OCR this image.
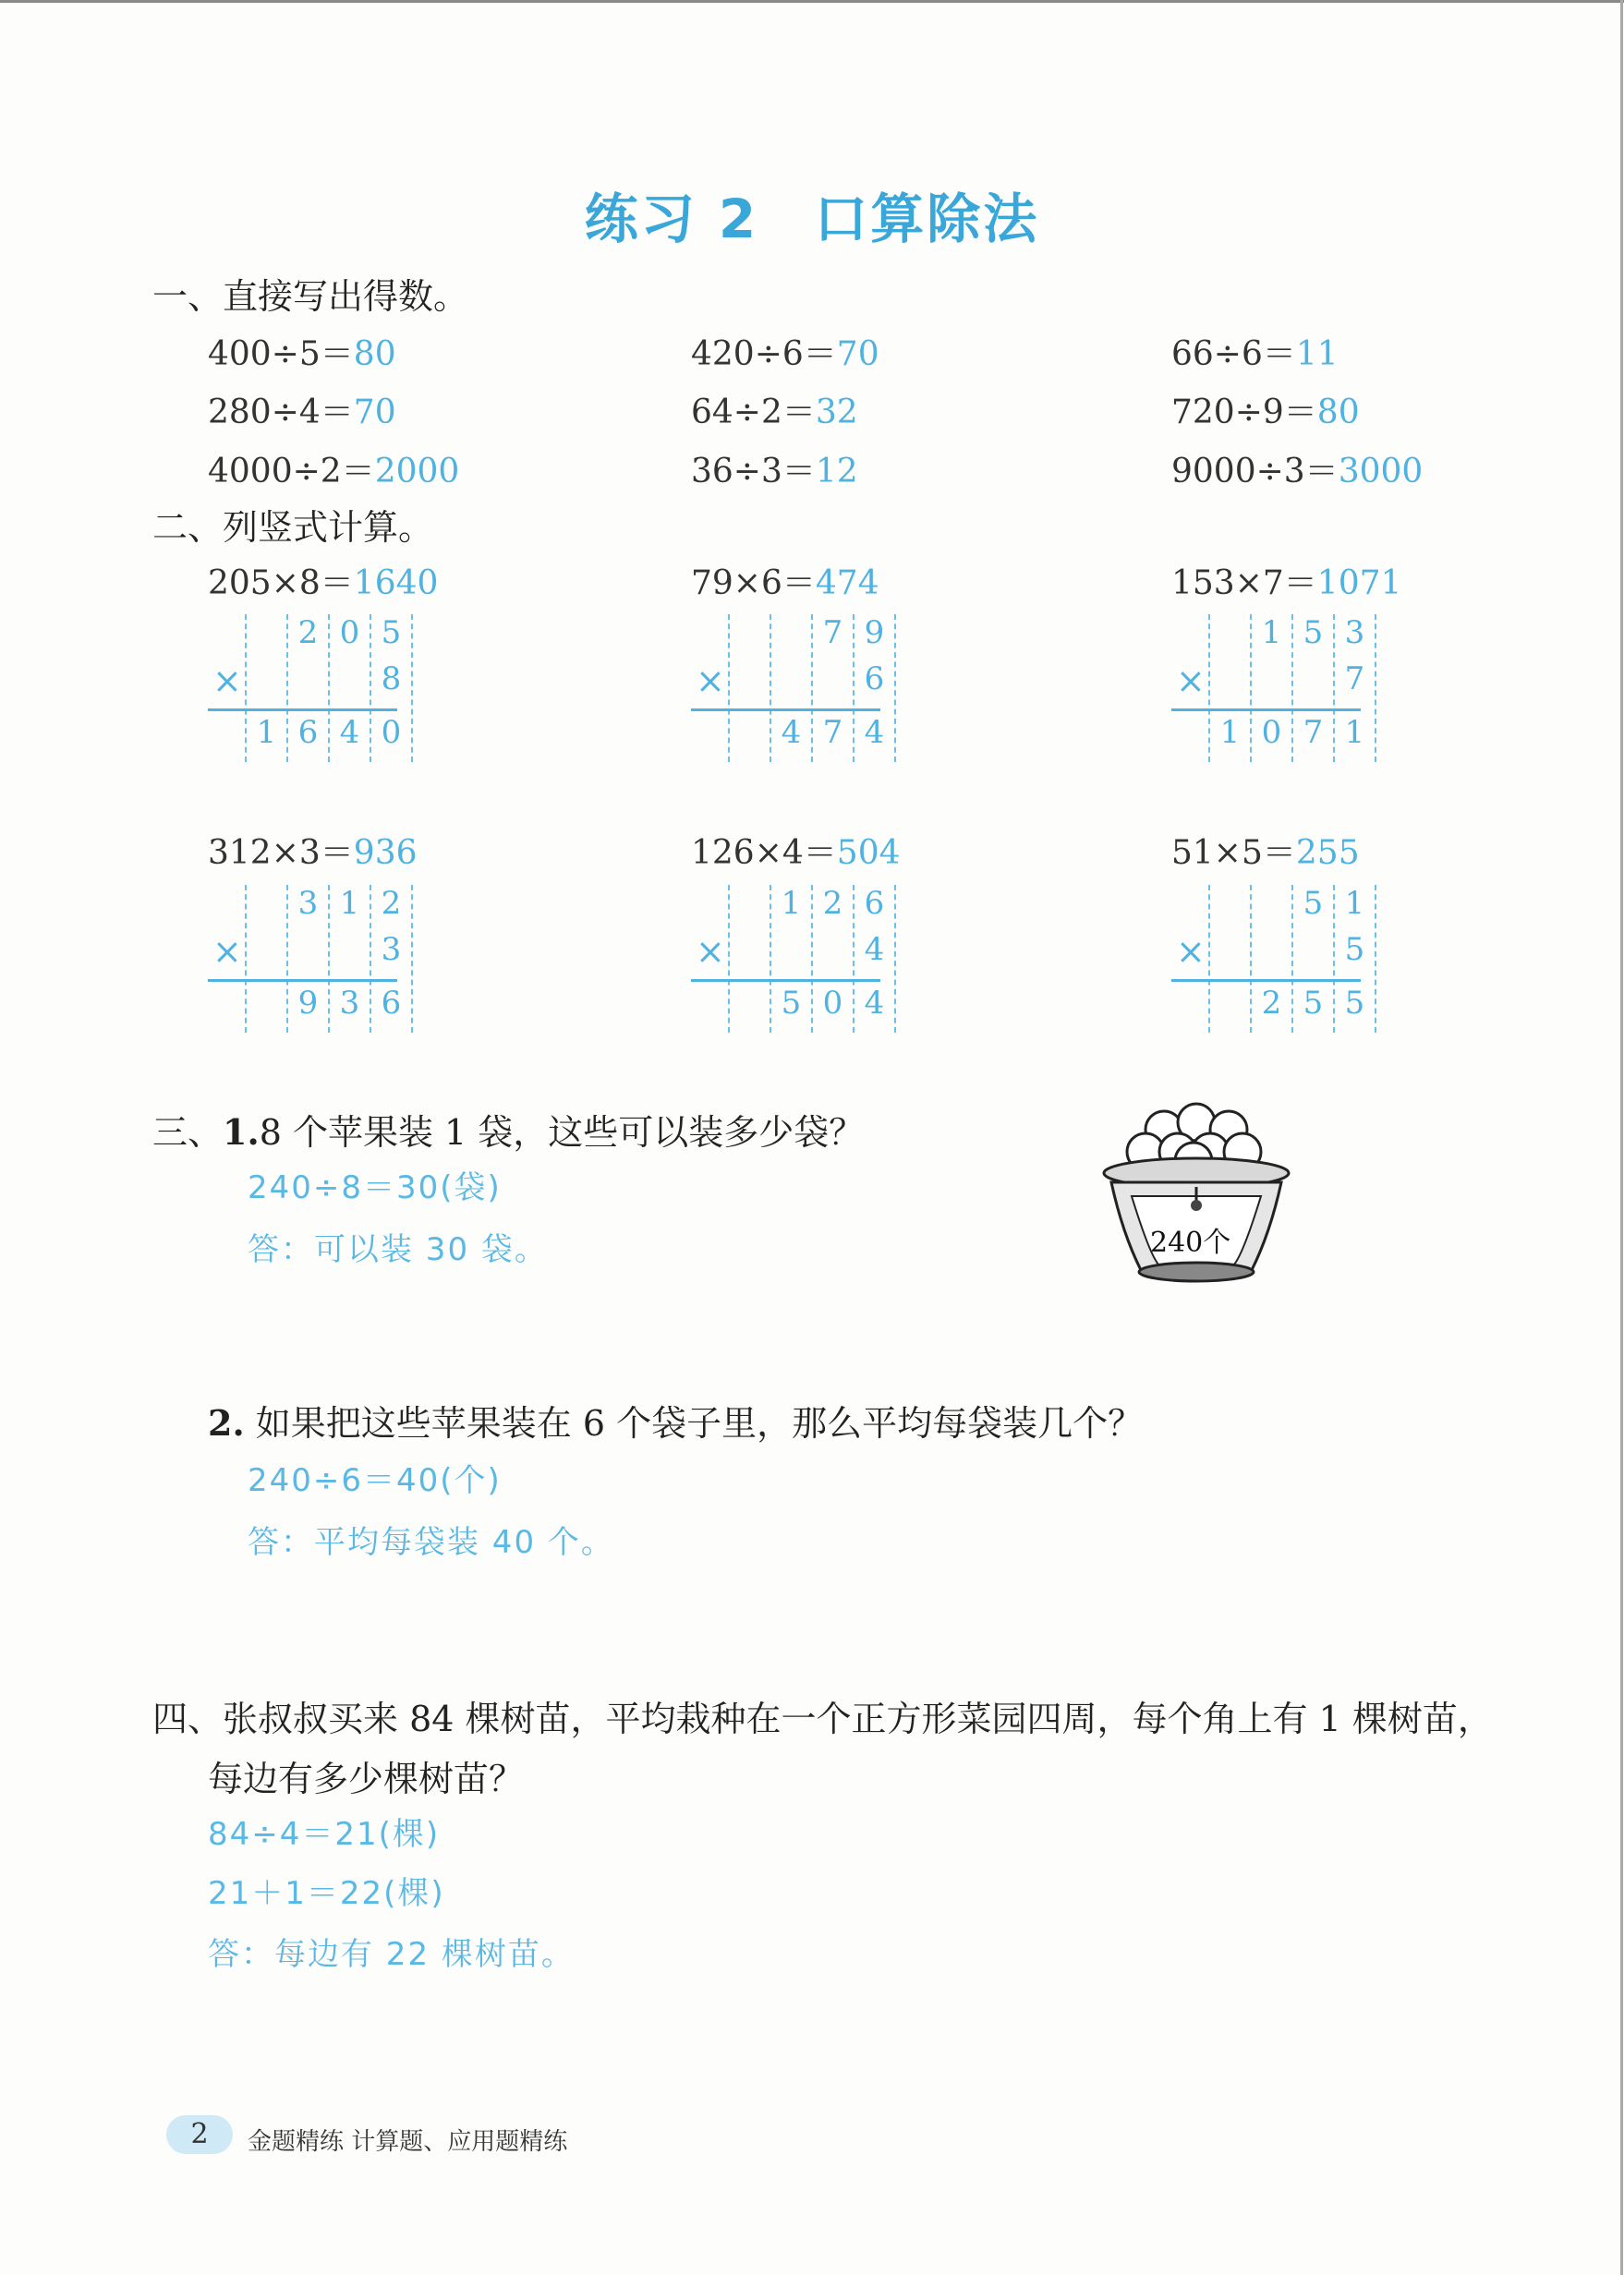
练习 2 口算除法
一、直接写出得数。
400÷5＝80	420÷6＝70	66÷6＝11
280÷4＝70	64÷2＝32	720÷9＝80
4000÷2＝2000	36÷3＝12	9000÷3＝3000
二、列竖式计算。
205×8＝1640	79×6＝474	153×7＝1071
312×3＝936	126×4＝504	51×5＝255
×
2 0 5
8
1 6 4 0
×
7 9
6
4 7 4
×
1 5 3
7
1 0 7 1
×
3 1 2
3
9 3 6
×
1 2 6
4
5 0 4
×
5 1
5
2 5 5
三、1.8 个苹果装 1 袋，这些可以装多少袋？
240÷8＝30(袋)
答：可以装 30 袋。	240个
2. 如果把这些苹果装在 6 个袋子里，那么平均每袋装几个？
240÷6＝40(个)
答：平均每袋装 40 个。
四、张叔叔买来 84 棵树苗，平均栽种在一个正方形菜园四周，每个角上有 1 棵树苗，
每边有多少棵树苗？
84÷4＝21(棵)
21＋1＝22(棵)
答：每边有 22 棵树苗。
2	金题精练 计算题、应用题精练
